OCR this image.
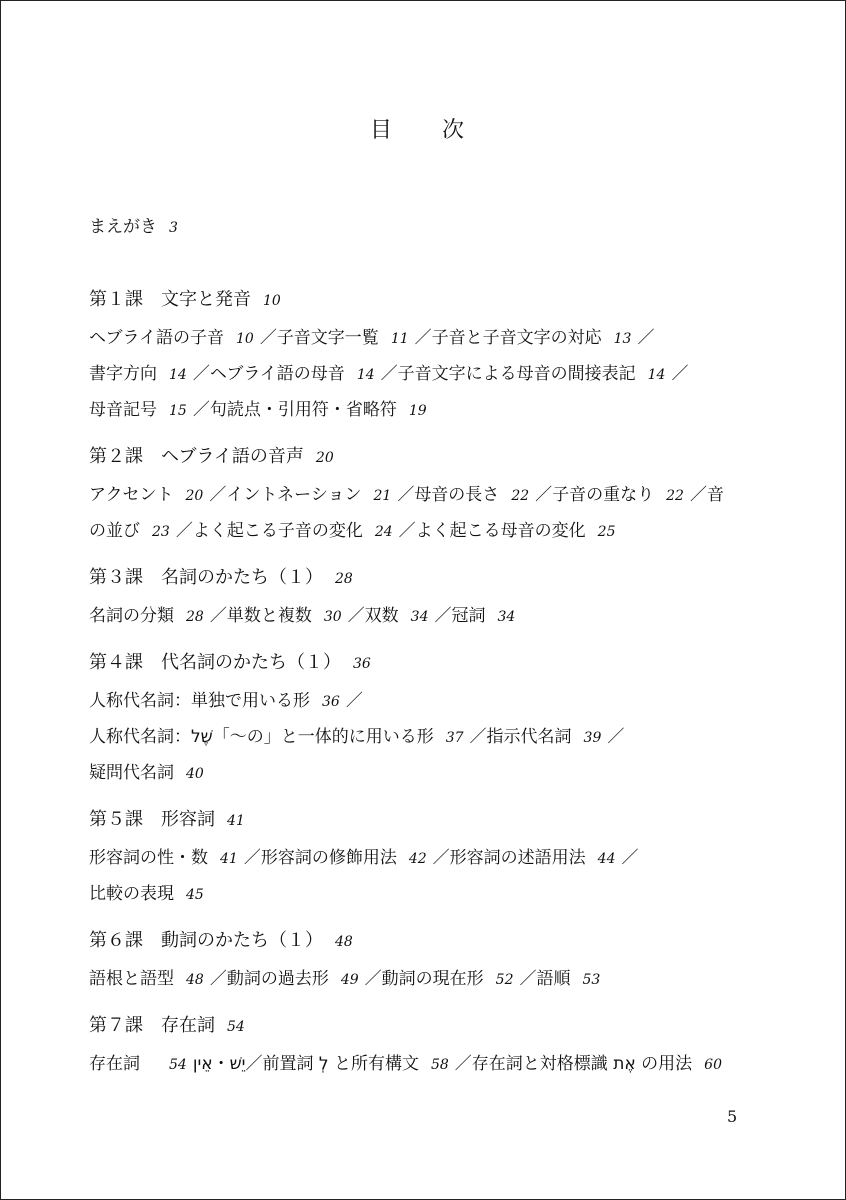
目　次
まえがき 3
第１課　 文字と発音 10
ヘブライ語の子音 10 ／子音文字一覧 11 ／子音と子音文字の対応 13 ／
書字方向 14 ／ヘブライ語の母音 14 ／子音文字による母音の間接表記 14 ／
母音記号 15 ／句読点・引用符・省略符 19
第２課　 ヘブライ語の音声 20
アクセント 20 ／イントネーション 21 ／母音の長さ 22 ／子音の重なり 22 ／音
の並び 23 ／よく起こる子音の変化 24 ／よく起こる母音の変化 25
第３課　 名詞のかたち（１） 28
名詞の分類 28 ／単数と複数 30 ／双数 34 ／冠詞 34
第４課　 代名詞のかたち（１） 36
人称代名詞：単独で用いる形 36 ／
人称代名詞：שֶׁל「〜の」と一体的に用いる形 37 ／指示代名詞 39 ／
疑問代名詞 40
第５課　 形容詞 41
形容詞の性・数 41 ／形容詞の修飾用法 42 ／形容詞の述語用法 44 ／
比較の表現 45
第６課　 動詞のかたち（１） 48
語根と語型 48 ／動詞の過去形 49 ／動詞の現在形 52 ／語順 53
第７課　 存在詞 54
存在詞　יֵשׁ・אֵין54	／前置詞 לְ と所有構文 58 ／存在詞と対格標識 אֶת の用法 60
5
